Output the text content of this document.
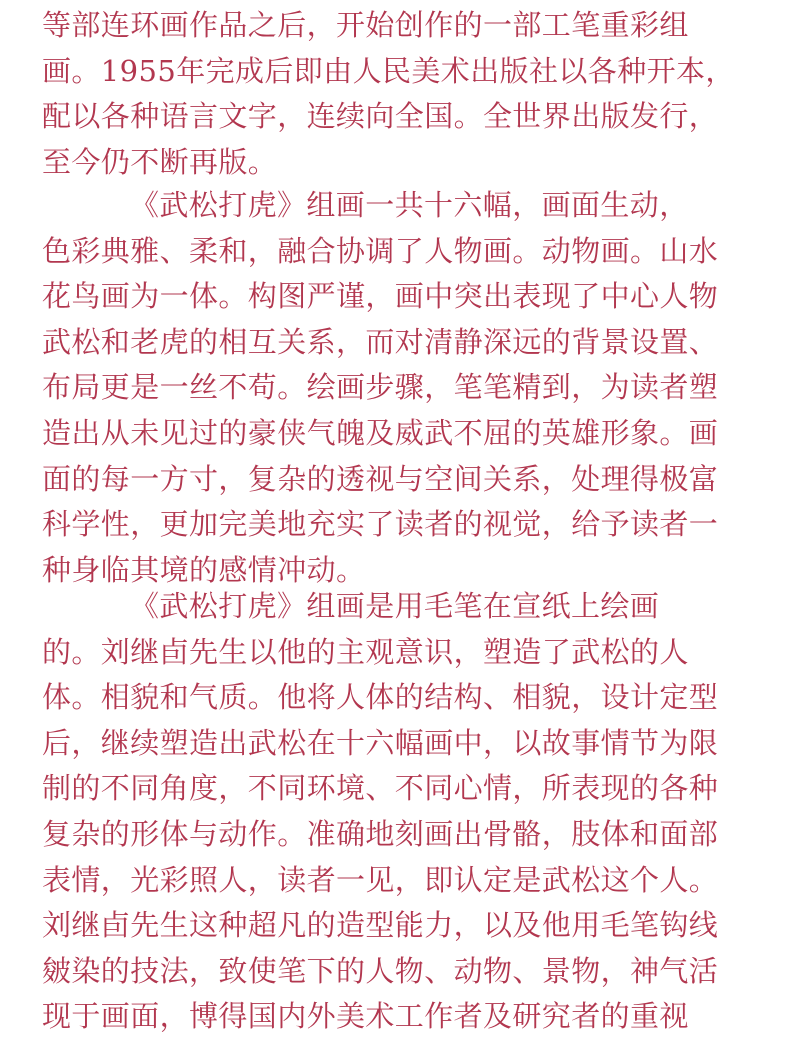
等部连环画作品之后，开始创作的一部工笔重彩组
画。1955年完成后即由人民美术出版社以各种开本，
配以各种语言文字，连续向全国。全世界出版发行，
至今仍不断再版。

《武松打虎》组画一共十六幅，画面生动，
色彩典雅、柔和，融合协调了人物画。动物画。山水
花鸟画为一体。构图严谨，画中突出表现了中心人物
武松和老虎的相互关系，而对清静深远的背景设置、
布局更是一丝不苟。绘画步骤，笔笔精到，为读者塑
造出从未见过的豪侠气魄及威武不屈的英雄形象。画
面的每一方寸，复杂的透视与空间关系，处理得极富
科学性，更加完美地充实了读者的视觉，给予读者一
种身临其境的感情冲动。

《武松打虎》组画是用毛笔在宣纸上绘画
的。刘继卣先生以他的主观意识，塑造了武松的人
体。相貌和气质。他将人体的结构、相貌，设计定型
后，继续塑造出武松在十六幅画中，以故事情节为限
制的不同角度，不同环境、不同心情，所表现的各种
复杂的形体与动作。准确地刻画出骨骼，肢体和面部
表情，光彩照人，读者一见，即认定是武松这个人。
刘继卣先生这种超凡的造型能力，以及他用毛笔钩线
皴染的技法，致使笔下的人物、动物、景物，神气活
现于画面，博得国内外美术工作者及研究者的重视
